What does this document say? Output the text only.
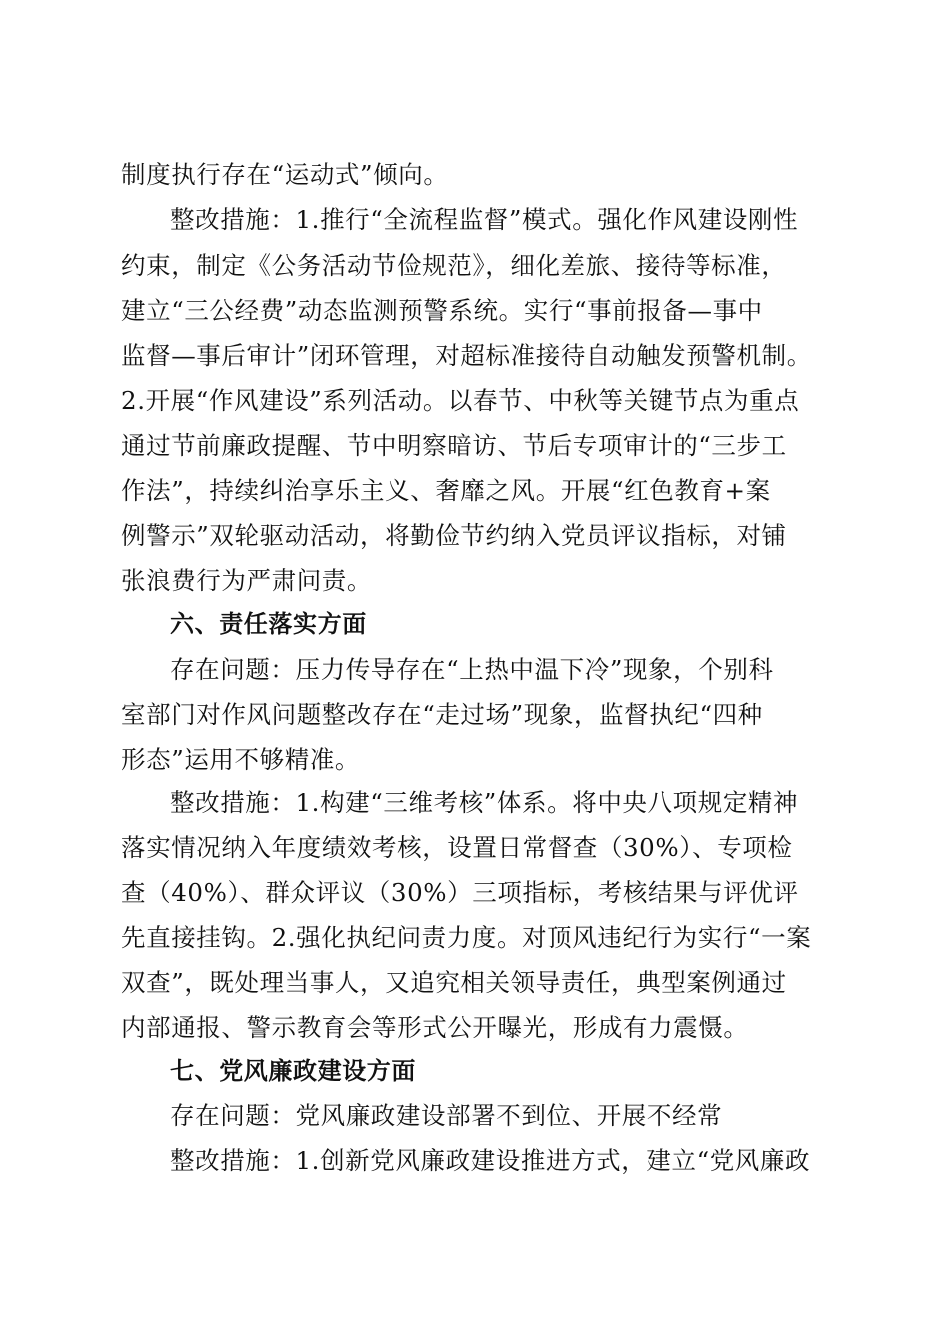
制度执行存在“运动式”倾向。
整改措施：1.推行“全流程监督”模式。强化作风建设刚性
约束，制定《公务活动节俭规范》，细化差旅、接待等标准，
建立“三公经费”动态监测预警系统。实行“事前报备—事中
监督—事后审计”闭环管理，对超标准接待自动触发预警机制。
2.开展“作风建设”系列活动。以春节、中秋等关键节点为重点
通过节前廉政提醒、节中明察暗访、节后专项审计的“三步工
作法”，持续纠治享乐主义、奢靡之风。开展“红色教育+案
例警示”双轮驱动活动，将勤俭节约纳入党员评议指标，对铺
张浪费行为严肃问责。
六、责任落实方面
存在问题：压力传导存在“上热中温下冷”现象，个别科
室部门对作风问题整改存在“走过场”现象，监督执纪“四种
形态”运用不够精准。
整改措施：1.构建“三维考核”体系。将中央八项规定精神
落实情况纳入年度绩效考核，设置日常督查（30%）、专项检
查（40%）、群众评议（30%）三项指标，考核结果与评优评
先直接挂钩。2.强化执纪问责力度。对顶风违纪行为实行“一案
双查”，既处理当事人，又追究相关领导责任，典型案例通过
内部通报、警示教育会等形式公开曝光，形成有力震慑。
七、党风廉政建设方面
存在问题：党风廉政建设部署不到位、开展不经常
整改措施：1.创新党风廉政建设推进方式，建立“党风廉政
